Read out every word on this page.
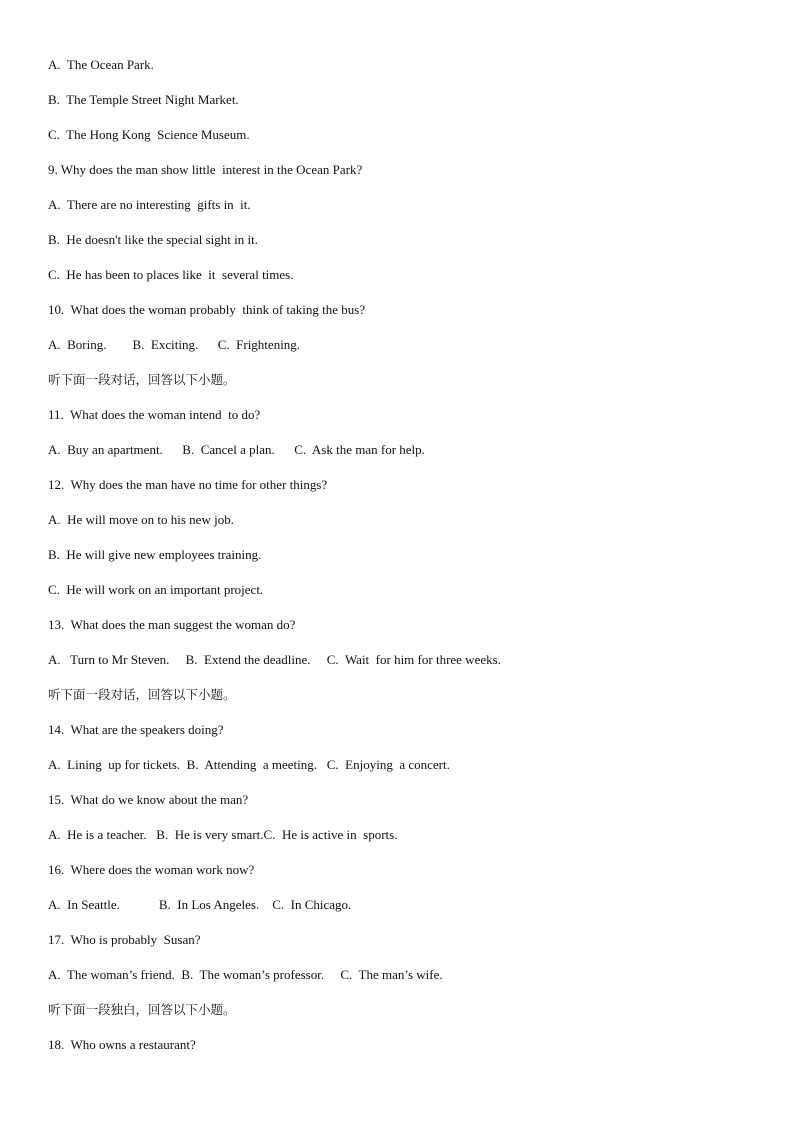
A.  The Ocean Park.
B.  The Temple Street Night Market.
C.  The Hong Kong  Science Museum.
9. Why does the man show little  interest in the Ocean Park?
A.  There are no interesting  gifts in  it.
B.  He doesn't like the special sight in it.
C.  He has been to places like  it  several times.
10.  What does the woman probably  think of taking the bus?
A.  Boring.        B.  Exciting.      C.  Frightening.
听下面一段对话，回答以下小题。
11.  What does the woman intend  to do?
A.  Buy an apartment.      B.  Cancel a plan.      C.  Ask the man for help.
12.  Why does the man have no time for other things?
A.  He will move on to his new job.
B.  He will give new employees training.
C.  He will work on an important project.
13.  What does the man suggest the woman do?
A.   Turn to Mr Steven.     B.  Extend the deadline.     C.  Wait  for him for three weeks.
听下面一段对话，回答以下小题。
14.  What are the speakers doing?
A.  Lining  up for tickets.  B.  Attending  a meeting.   C.  Enjoying  a concert.
15.  What do we know about the man?
A.  He is a teacher.   B.  He is very smart.C.  He is active in  sports.
16.  Where does the woman work now?
A.  In Seattle.            B.  In Los Angeles.    C.  In Chicago.
17.  Who is probably  Susan?
A.  The woman’s friend.  B.  The woman’s professor.     C.  The man’s wife.
听下面一段独白，回答以下小题。
18.  Who owns a restaurant?
